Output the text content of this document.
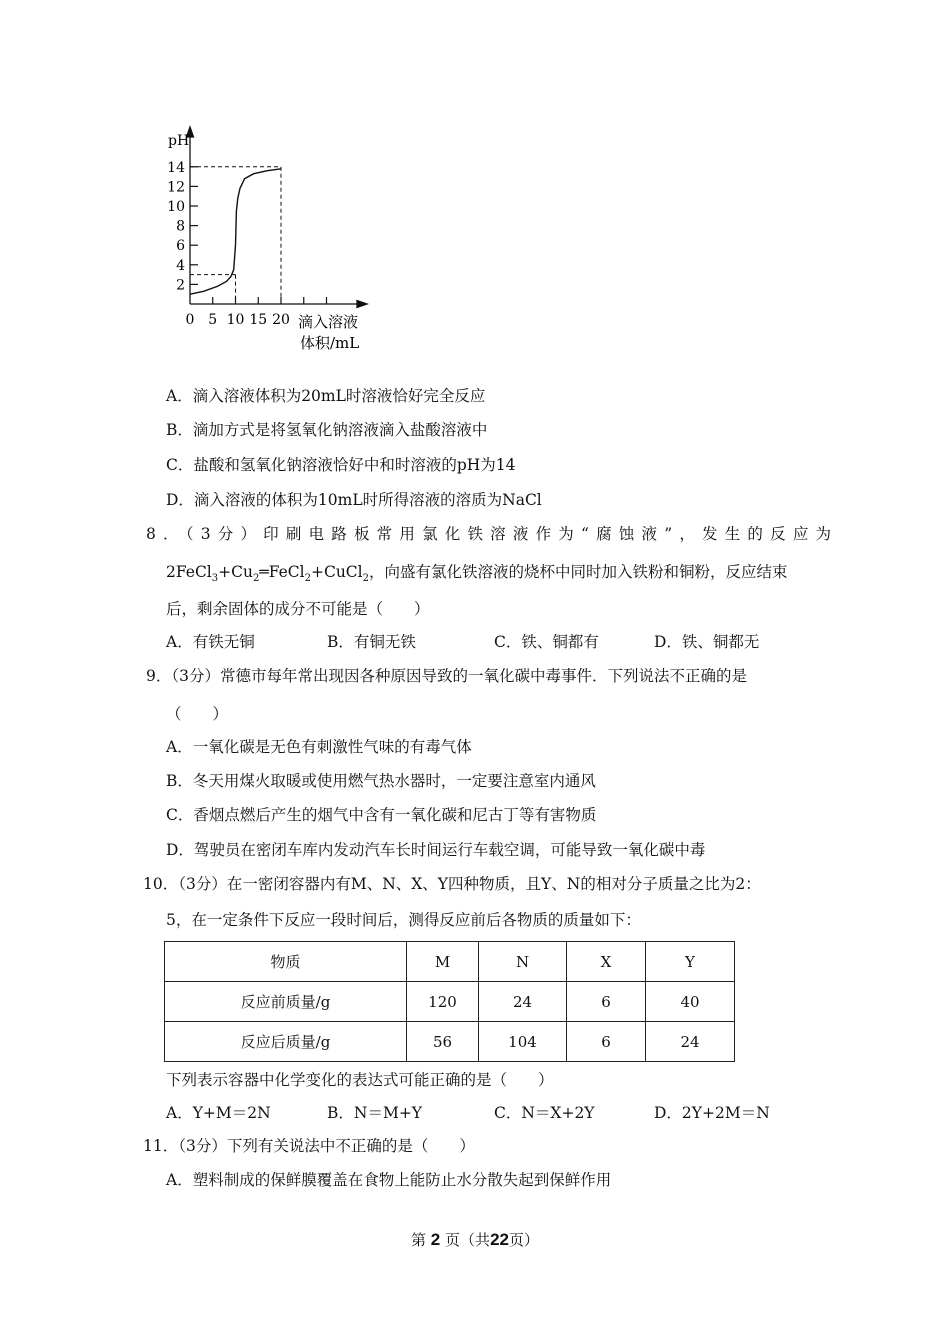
2
4
6
8
10
12
14
0 5 10 15 20
pH
滴入溶液
体积/mL
A．滴入溶液体积为20mL时溶液恰好完全反应
B．滴加方式是将氢氧化钠溶液滴入盐酸溶液中
C．盐酸和氢氧化钠溶液恰好中和时溶液的pH为14
D．滴入溶液的体积为10mL时所得溶液的溶质为NaCl
8．（3分）印刷电路板常用氯化铁溶液作为“腐蚀液”，发生的反应为
$2FeCl_3+Cu_2═FeCl_2+CuCl_2$，向盛有氯化铁溶液的烧杯中同时加入铁粉和铜粉，反应结束
后，剩余固体的成分不可能是（　　）
A．有铁无铜	B．有铜无铁	C．铁、铜都有	D．铁、铜都无
9．（3分）常德市每年常出现因各种原因导致的一氧化碳中毒事件．下列说法不正确的是
（　　）
A．一氧化碳是无色有刺激性气味的有毒气体
B．冬天用煤火取暖或使用燃气热水器时，一定要注意室内通风
C．香烟点燃后产生的烟气中含有一氧化碳和尼古丁等有害物质
D．驾驶员在密闭车库内发动汽车长时间运行车载空调，可能导致一氧化碳中毒
10．（3分）在一密闭容器内有M、N、X、Y四种物质，且Y、N的相对分子质量之比为2：
5，在一定条件下反应一段时间后，测得反应前后各物质的质量如下：
物质	M	N	X	Y
反应前质量/g	120	24	6	40
反应后质量/g	56	104	6	24
下列表示容器中化学变化的表达式可能正确的是（　　）
A．Y+M＝2N	B．N＝M+Y	C．N＝X+2Y	D．2Y+2M＝N
11．（3分）下列有关说法中不正确的是（　　）
A．塑料制成的保鲜膜覆盖在食物上能防止水分散失起到保鲜作用
第 2 页（共22页）
